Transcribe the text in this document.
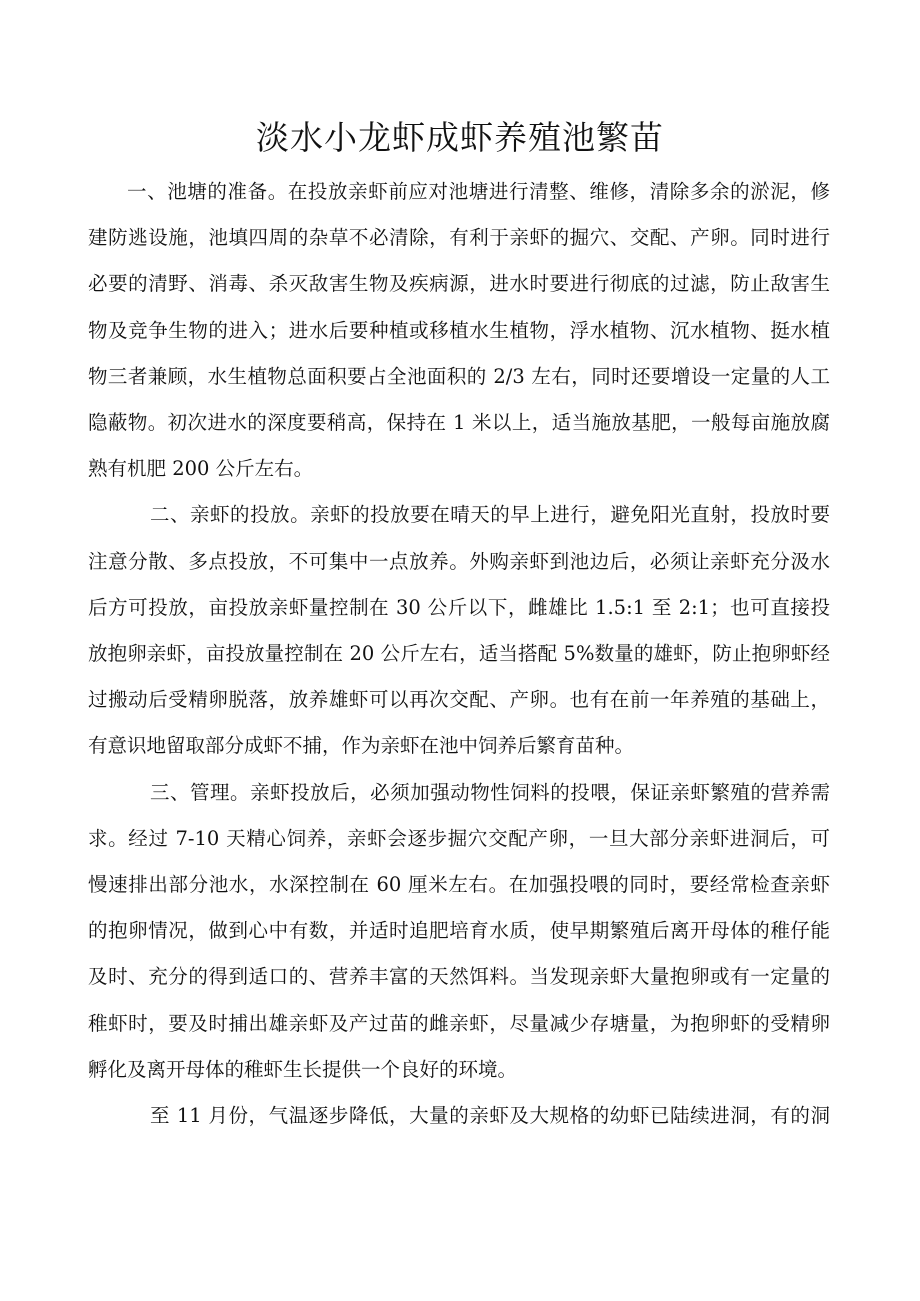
淡水小龙虾成虾养殖池繁苗

一、池塘的准备。在投放亲虾前应对池塘进行清整、维修，清除多余的淤泥，修
建防逃设施，池填四周的杂草不必清除，有利于亲虾的掘穴、交配、产卵。同时进行
必要的清野、消毒、杀灭敌害生物及疾病源，进水时要进行彻底的过滤，防止敌害生
物及竞争生物的进入；进水后要种植或移植水生植物，浮水植物、沉水植物、挺水植
物三者兼顾，水生植物总面积要占全池面积的 2/3 左右，同时还要增设一定量的人工
隐蔽物。初次进水的深度要稍高，保持在 1 米以上，适当施放基肥，一般每亩施放腐
熟有机肥 200 公斤左右。

二、亲虾的投放。亲虾的投放要在晴天的早上进行，避免阳光直射，投放时要
注意分散、多点投放，不可集中一点放养。外购亲虾到池边后，必须让亲虾充分汲水
后方可投放，亩投放亲虾量控制在 30 公斤以下，雌雄比 1.5:1 至 2:1；也可直接投
放抱卵亲虾，亩投放量控制在 20 公斤左右，适当搭配 5%数量的雄虾，防止抱卵虾经
过搬动后受精卵脱落，放养雄虾可以再次交配、产卵。也有在前一年养殖的基础上，
有意识地留取部分成虾不捕，作为亲虾在池中饲养后繁育苗种。

三、管理。亲虾投放后，必须加强动物性饲料的投喂，保证亲虾繁殖的营养需
求。经过 7-10 天精心饲养，亲虾会逐步掘穴交配产卵，一旦大部分亲虾进洞后，可
慢速排出部分池水，水深控制在 60 厘米左右。在加强投喂的同时，要经常检查亲虾
的抱卵情况，做到心中有数，并适时追肥培育水质，使早期繁殖后离开母体的稚仔能
及时、充分的得到适口的、营养丰富的天然饵料。当发现亲虾大量抱卵或有一定量的
稚虾时，要及时捕出雄亲虾及产过苗的雌亲虾，尽量减少存塘量，为抱卵虾的受精卵
孵化及离开母体的稚虾生长提供一个良好的环境。

至 11 月份，气温逐步降低，大量的亲虾及大规格的幼虾已陆续进洞，有的洞
